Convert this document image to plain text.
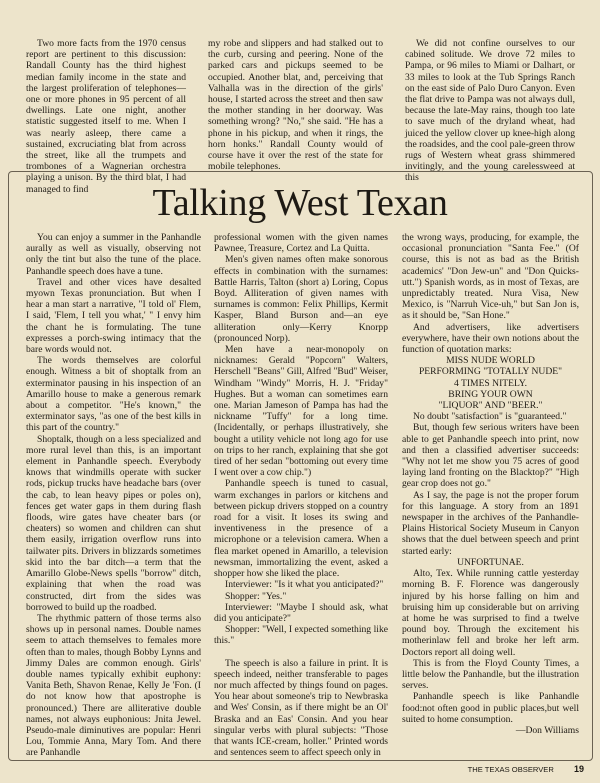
Two more facts from the 1970 census report are pertinent to this discussion: Randall County has the third highest median family income in the state and the largest proliferation of telephones—one or more phones in 95 percent of all dwellings. Late one night, another statistic suggested itself to me. When I was nearly asleep, there came a sustained, excruciating blat from across the street, like all the trumpets and trombones of a Wagnerian orchestra playing a unison. By the third blat, I had managed to find

my robe and slippers and had stalked out to the curb, cursing and peering. None of the parked cars and pickups seemed to be occupied. Another blat, and, perceiving that Valhalla was in the direction of the girls' house, I started across the street and then saw the mother standing in her doorway. Was something wrong? "No," she said. "He has a phone in his pickup, and when it rings, the horn honks." Randall County would of course have it over the rest of the state for mobile telephones.

We did not confine ourselves to our cabined solitude. We drove 72 miles to Pampa, or 96 miles to Miami or Dalhart, or 33 miles to look at the Tub Springs Ranch on the east side of Palo Duro Canyon. Even the flat drive to Pampa was not always dull, because the late-May rains, though too late to save much of the dryland wheat, had juiced the yellow clover up knee-high along the roadsides, and the cool pale-green throw rugs of Western wheat grass shimmered invitingly, and the young carelessweed at this

Talking West Texan

You can enjoy a summer in the Panhandle aurally as well as visually, observing not only the tint but also the tune of the place. Panhandle speech does have a tune.

Travel and other vices have desalted myown Texas pronunciation. But when I hear a man start a narrative, "I told ol' Flem, I said, 'Flem, I tell you what,' " I envy him the chant he is formulating. The tune expresses a porch-swing intimacy that the bare words would not.

The words themselves are colorful enough. Witness a bit of shoptalk from an exterminator pausing in his inspection of an Amarillo house to make a generous remark about a competitor. "He's known," the exterminator says, "as one of the best kills in this part of the country."

Shoptalk, though on a less specialized and more rural level than this, is an important element in Panhandle speech. Everybody knows that windmills operate with sucker rods, pickup trucks have headache bars (over the cab, to lean heavy pipes or poles on), fences get water gaps in them during flash floods, wire gates have cheater bars (or cheaters) so women and children can shut them easily, irrigation overflow runs into tailwater pits. Drivers in blizzards sometimes skid into the bar ditch—a term that the Amarillo Globe-News spells "borrow" ditch, explaining that when the road was constructed, dirt from the sides was borrowed to build up the roadbed.

The rhythmic pattern of those terms also shows up in personal names. Double names seem to attach themselves to females more often than to males, though Bobby Lynns and Jimmy Dales are common enough. Girls' double names typically exhibit euphony: Vanita Beth, Shavon Renae, Kelly Je 'Fon. (I do not know how that apostrophe is pronounced.) There are alliterative double names, not always euphonious: Jnita Jewel. Pseudo-male diminutives are popular: Henri Lou, Tommie Anna, Mary Tom. And there are Panhandle

professional women with the given names Pawnee, Treasure, Cortez and La Quitta.

Men's given names often make sonorous effects in combination with the surnames: Battle Harris, Talton (short a) Loring, Copus Boyd. Alliteration of given names with surnames is common: Felix Phillips, Kermit Kasper, Bland Burson and—an eye alliteration only—Kerry Knorpp (pronounced Norp).

Men have a near-monopoly on nicknames: Gerald "Popcorn" Walters, Herschell "Beans" Gill, Alfred "Bud" Weiser, Windham "Windy" Morris, H. J. "Friday" Hughes. But a woman can sometimes earn one. Marian Jameson of Pampa has had the nickname "Tuffy" for a long time. (Incidentally, or perhaps illustratively, she bought a utility vehicle not long ago for use on trips to her ranch, explaining that she got tired of her sedan "bottoming out every time I went over a cow chip.")

Panhandle speech is tuned to casual, warm exchanges in parlors or kitchens and between pickup drivers stopped on a country road for a visit. It loses its swing and inventiveness in the presence of a microphone or a television camera. When a flea market opened in Amarillo, a television newsman, immortalizing the event, asked a shopper how she liked the place.

Interviewer: "Is it what you anticipated?"

Shopper: "Yes."

Interviewer: "Maybe I should ask, what did you anticipate?"

Shopper: "Well, I expected something like this."

The speech is also a failure in print. It is speech indeed, neither transferable to pages nor much affected by things found on pages. You hear about someone's trip to Newbraska and Wes' Consin, as if there might be an Ol' Braska and an Eas' Consin. And you hear singular verbs with plural subjects: "Those that wants ICE-cream, holler." Printed words and sentences seem to affect speech only in

the wrong ways, producing, for example, the occasional pronunciation "Santa Fee." (Of course, this is not as bad as the British academics' "Don Jew-un" and "Don Quicks-utt.") Spanish words, as in most of Texas, are unpredictably treated. Nura Visa, New Mexico, is "Narruh Vice-uh," but San Jon is, as it should be, "San Hone."

And advertisers, like advertisers everywhere, have their own notions about the function of quotation marks:

MISS NUDE WORLD

PERFORMING "TOTALLY NUDE"

4 TIMES NITELY.

BRING YOUR OWN

"LIQUOR" AND "BEER."

No doubt "satisfaction" is "guaranteed."

But, though few serious writers have been able to get Panhandle speech into print, now and then a classified advertiser succeeds: "Why not let me show you 75 acres of good laying land fronting on the Blacktop?" "High gear crop does not go."

As I say, the page is not the proper forum for this language. A story from an 1891 newspaper in the archives of the Panhandle-Plains Historical Society Museum in Canyon shows that the duel between speech and print started early:

UNFORTUNAE.

Alto, Tex. While running cattle yesterday morning B. F. Florence was dangerously injured by his horse falling on him and bruising him up considerable but on arriving at home he was surprised to find a twelve pound boy. Through the excitement his motherinlaw fell and broke her left arm. Doctors report all doing well.

This is from the Floyd County Times, a little below the Panhandle, but the illustration serves.

Panhandle speech is like Panhandle food:not often good in public places,but well suited to home consumption.

—Don Williams

THE TEXAS OBSERVER 19
